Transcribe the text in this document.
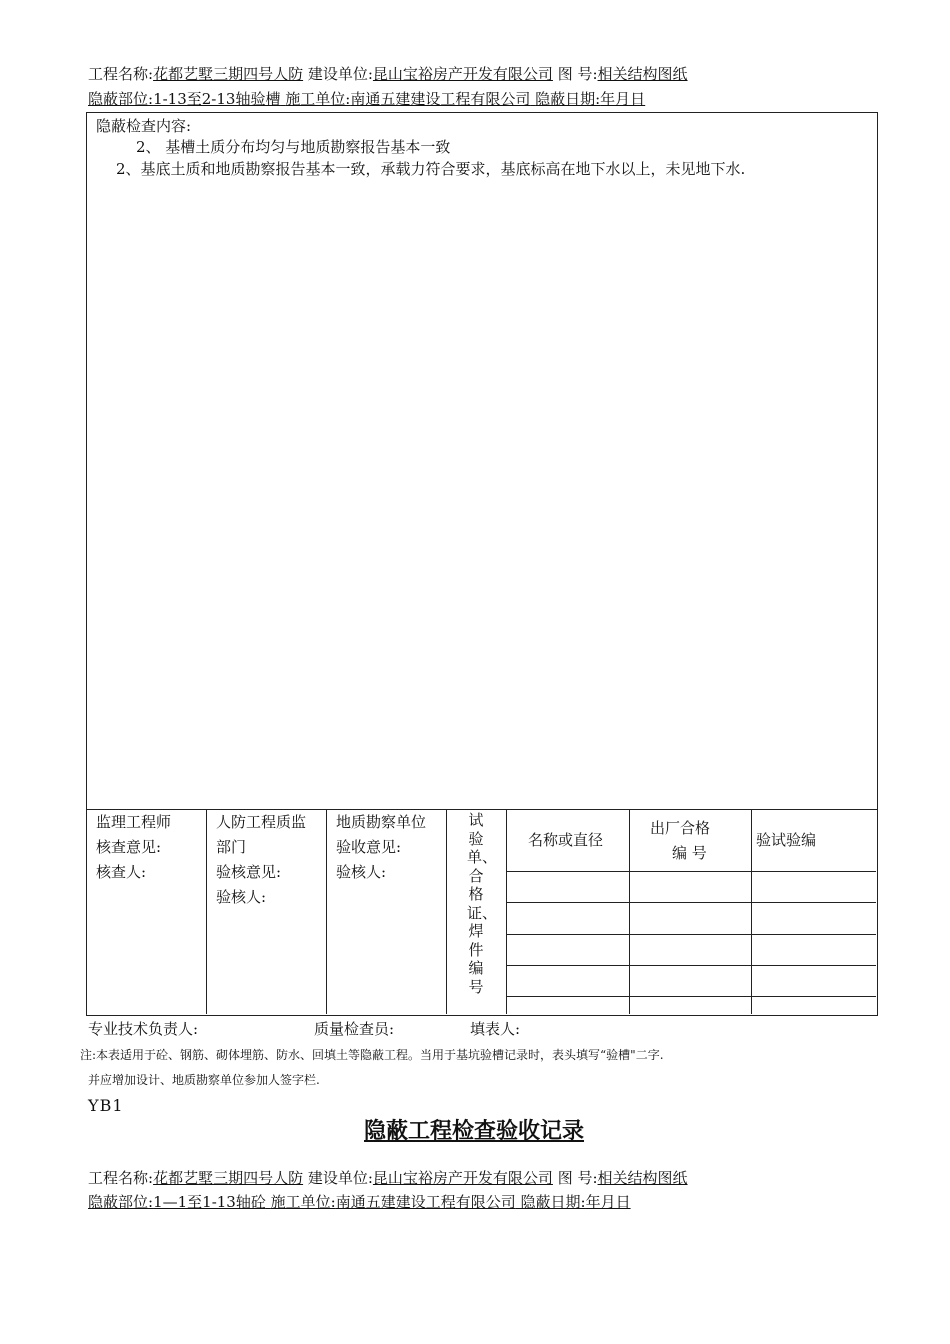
工程名称:花都艺墅三期四号人防 建设单位:昆山宝裕房产开发有限公司 图 号:相关结构图纸
隐蔽部位:1-13至2-13轴验槽 施工单位:南通五建建设工程有限公司 隐蔽日期:年月日
隐蔽检查内容:
2、 基槽土质分布均匀与地质勘察报告基本一致
2、基底土质和地质勘察报告基本一致，承载力符合要求，基底标高在地下水以上，未见地下水.
监理工程师
核查意见:
核查人:
人防工程质监
部门
验核意见:
验核人:
地质勘察单位
验收意见:
验核人:
试验单、合格证、焊件编号
名称或直径
出厂合格
编 号
验试验编
专业技术负责人:	质量检查员:	填表人:
注:本表适用于砼、钢筋、砌体埋筋、防水、回填土等隐蔽工程。当用于基坑验槽记录时，表头填写“验槽"二字.
并应增加设计、地质勘察单位参加人签字栏.
YB1
隐蔽工程检查验收记录
工程名称:花都艺墅三期四号人防 建设单位:昆山宝裕房产开发有限公司 图 号:相关结构图纸
隐蔽部位:1—1至1-13轴砼 施工单位:南通五建建设工程有限公司 隐蔽日期:年月日
